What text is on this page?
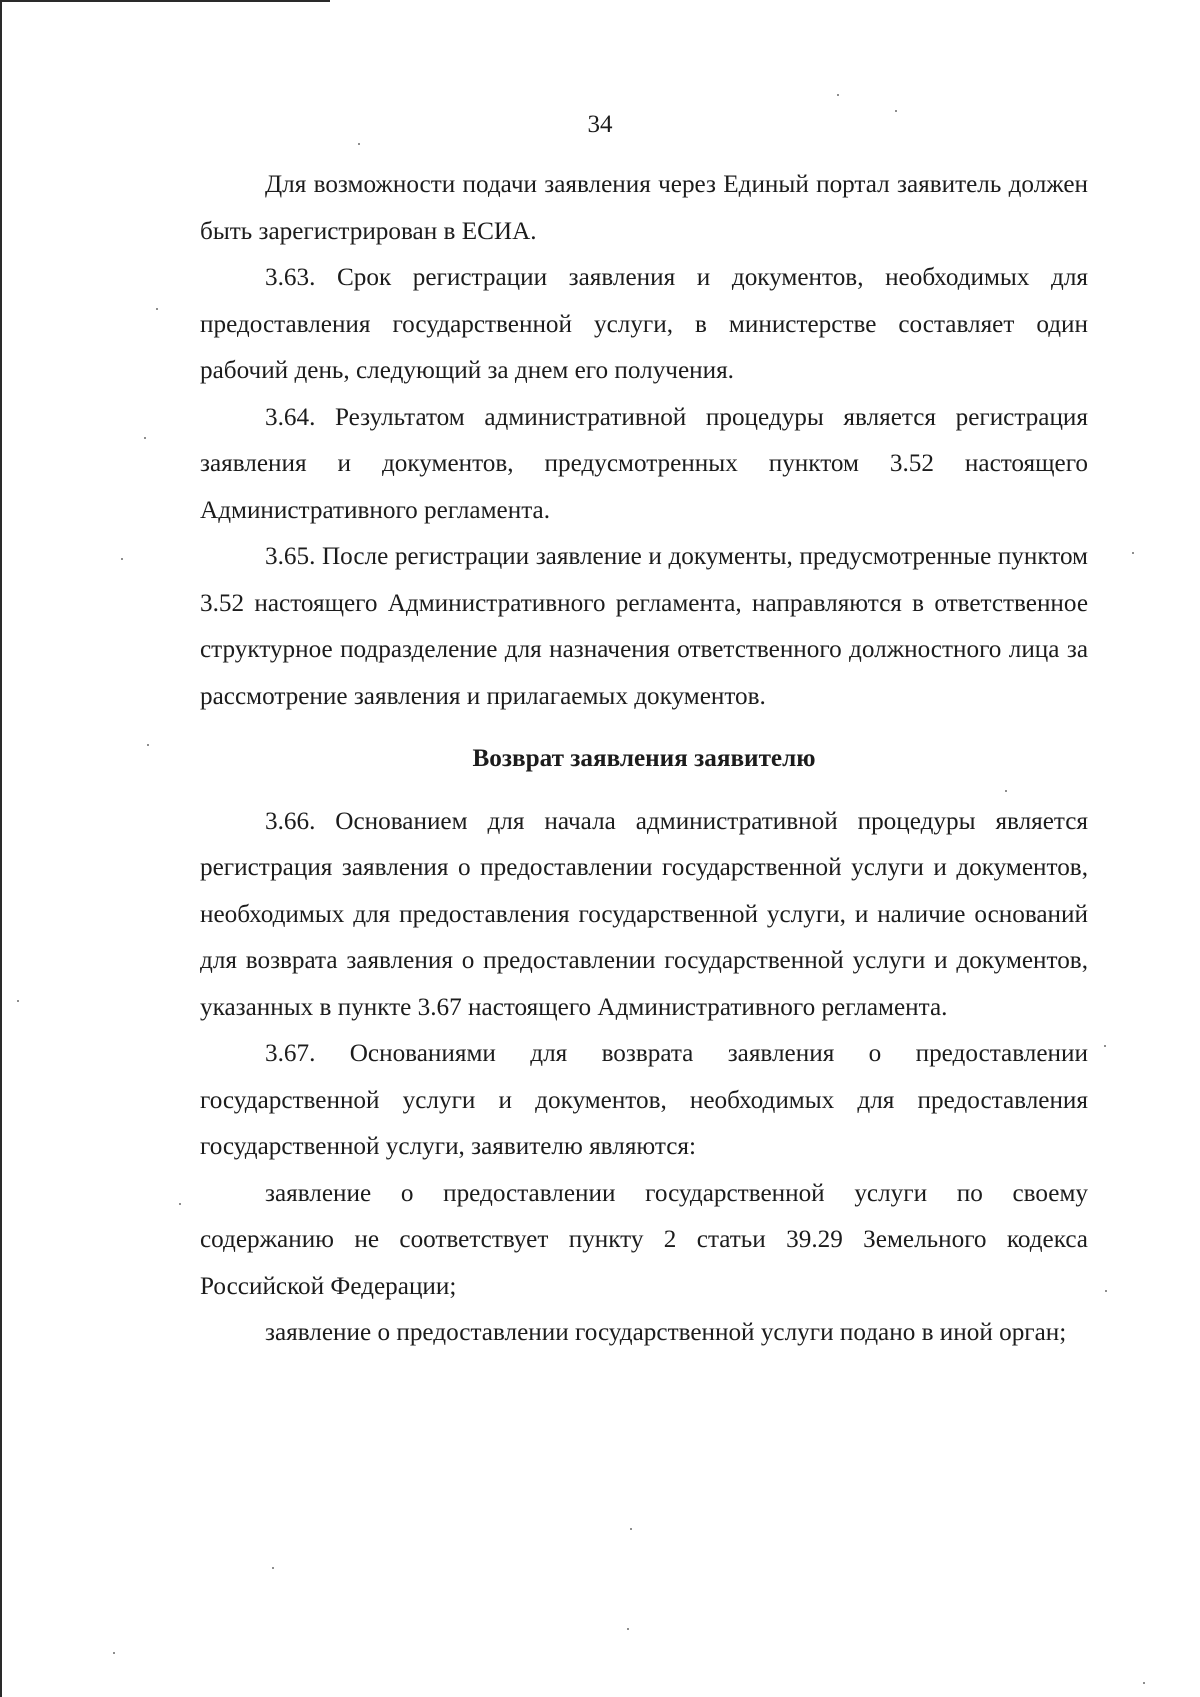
34

Для возможности подачи заявления через Единый портал заявитель должен быть зарегистрирован в ЕСИА.

3.63. Срок регистрации заявления и документов, необходимых для предоставления государственной услуги, в министерстве составляет один рабочий день, следующий за днем его получения.

3.64. Результатом административной процедуры является регистрация заявления и документов, предусмотренных пунктом 3.52 настоящего Административного регламента.

3.65. После регистрации заявление и документы, предусмотренные пунктом 3.52 настоящего Административного регламента, направляются в ответственное структурное подразделение для назначения ответственного должностного лица за рассмотрение заявления и прилагаемых документов.

Возврат заявления заявителю

3.66. Основанием для начала административной процедуры является регистрация заявления о предоставлении государственной услуги и документов, необходимых для предоставления государственной услуги, и наличие оснований для возврата заявления о предоставлении государственной услуги и документов, указанных в пункте 3.67 настоящего Административного регламента.

3.67. Основаниями для возврата заявления о предоставлении государственной услуги и документов, необходимых для предоставления государственной услуги, заявителю являются:

заявление о предоставлении государственной услуги по своему содержанию не соответствует пункту 2 статьи 39.29 Земельного кодекса Российской Федерации;

заявление о предоставлении государственной услуги подано в иной орган;
